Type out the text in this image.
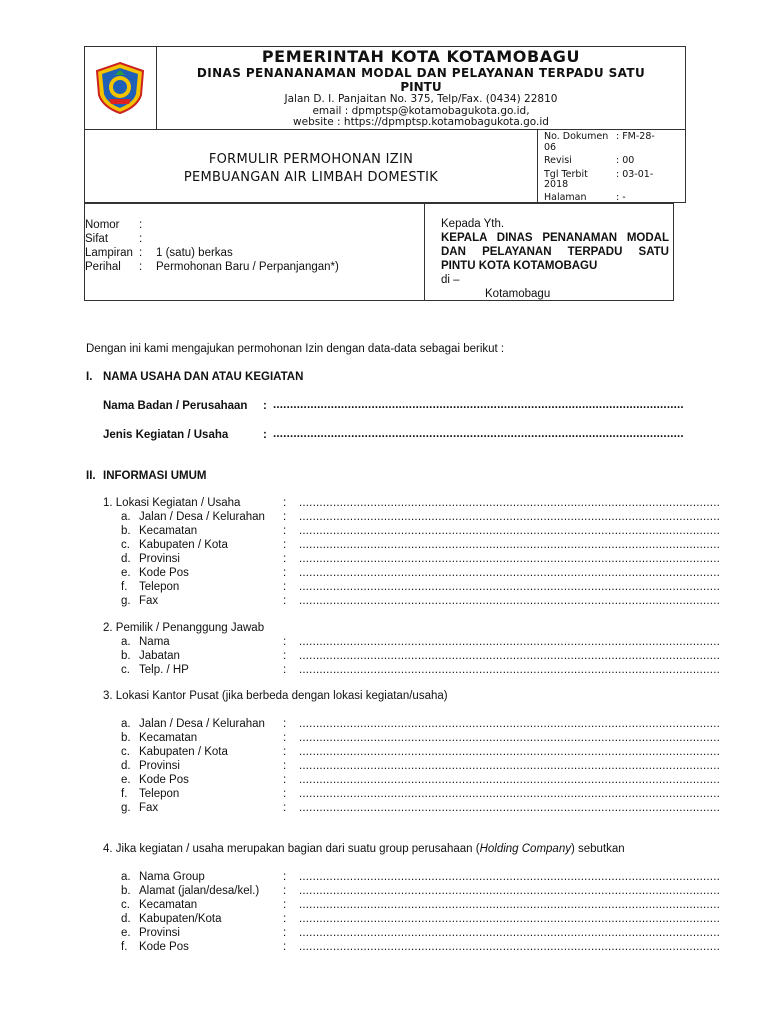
PEMERINTAH KOTA KOTAMOBAGU
DINAS PENANANAMAN MODAL DAN PELAYANAN TERPADU SATU
PINTU
Jalan D. I. Panjaitan No. 375, Telp/Fax. (0434) 22810
email : dpmptsp@kotamobagukota.go.id,
website : https://dpmptsp.kotamobagukota.go.id
FORMULIR PERMOHONAN IZIN
PEMBUANGAN AIR LIMBAH DOMESTIK
No. Dokumen : FM-28-
06
Revisi	: 00
Tgl Terbit	: 03-01-
2018
Halaman	: -
Nomor	:
Sifat	:
Lampiran : 1 (satu) berkas
Perihal	: Permohonan Baru / Perpanjangan*)
Kepada Yth.
KEPALA DINAS PENANAMAN MODAL
DAN PELAYANAN TERPADU SATU
PINTU KOTA KOTAMOBAGU
di –
Kotamobagu
Dengan ini kami mengajukan permohonan Izin dengan data-data sebagai berikut :
I. NAMA USAHA DAN ATAU KEGIATAN
Nama Badan / Perusahaan :
.....
Jenis Kegiatan / Usaha	:
.....
II. INFORMASI UMUM
1. Lokasi Kegiatan / Usaha	:
.....
a. Jalan / Desa / Kelurahan :
.....
b. Kecamatan	:
.....
c. Kabupaten / Kota	:
.....
d. Provinsi	:
.....
e. Kode Pos	:
.....
f. Telepon	:
.....
g. Fax	:
.....
2. Pemilik / Penanggung Jawab
a. Nama	:
.....
b. Jabatan	:
.....
c. Telp. / HP	:
.....
3. Lokasi Kantor Pusat (jika berbeda dengan lokasi kegiatan/usaha)
a. Jalan / Desa / Kelurahan :
.....
b. Kecamatan	:
.....
c. Kabupaten / Kota	:
.....
d. Provinsi	:
.....
e. Kode Pos	:
.....
f. Telepon	:
.....
g. Fax	:
.....
4. Jika kegiatan / usaha merupakan bagian dari suatu group perusahaan (Holding Company) sebutkan
a. Nama Group	:
.....
b. Alamat (jalan/desa/kel.) :
.....
c. Kecamatan	:
.....
d. Kabupaten/Kota	:
.....
e. Provinsi	:
.....
f. Kode Pos	:
.....
